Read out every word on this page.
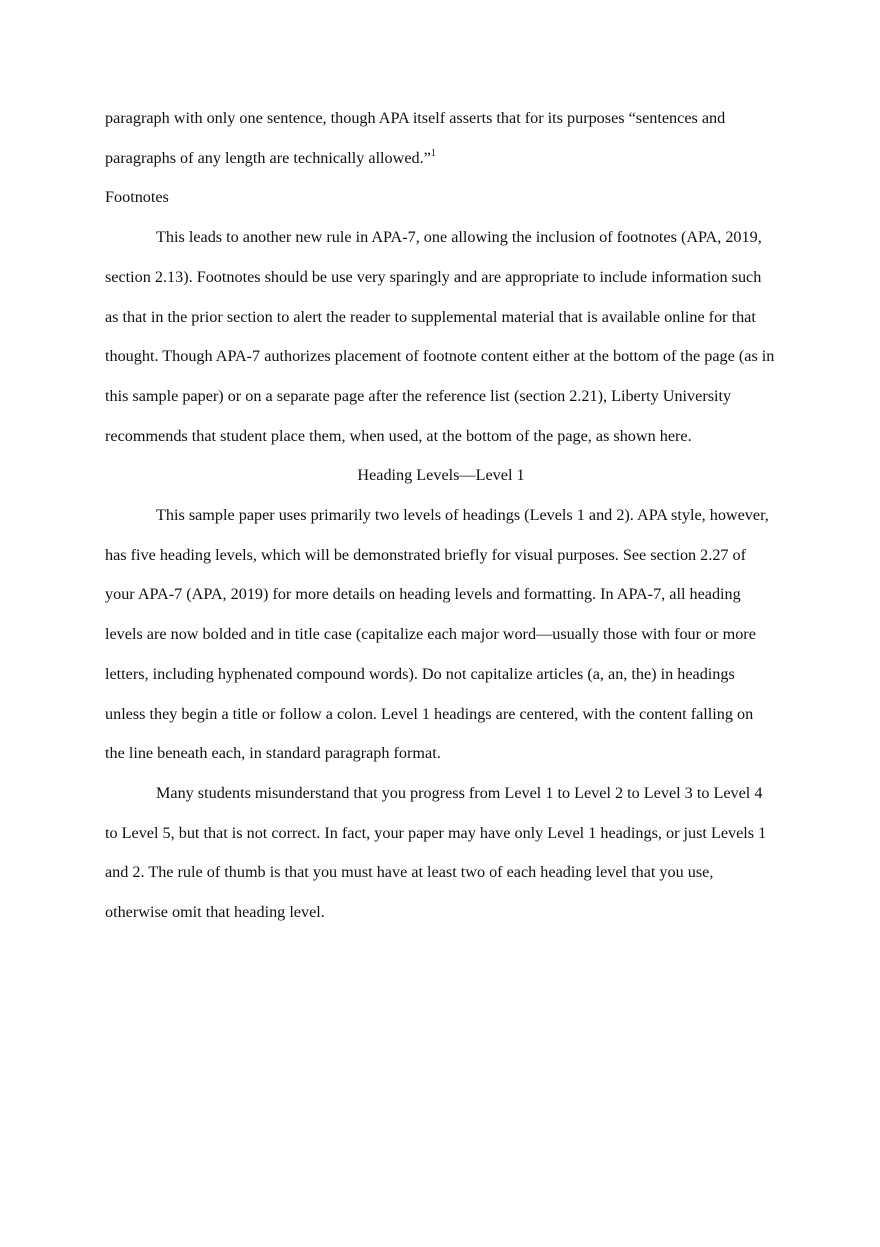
paragraph with only one sentence, though APA itself asserts that for its purposes “sentences and paragraphs of any length are technically allowed.”$^1$

Footnotes

This leads to another new rule in APA-7, one allowing the inclusion of footnotes (APA, 2019, section 2.13). Footnotes should be use very sparingly and are appropriate to include information such as that in the prior section to alert the reader to supplemental material that is available online for that thought. Though APA-7 authorizes placement of footnote content either at the bottom of the page (as in this sample paper) or on a separate page after the reference list (section 2.21), Liberty University recommends that student place them, when used, at the bottom of the page, as shown here.

Heading Levels—Level 1

This sample paper uses primarily two levels of headings (Levels 1 and 2). APA style, however, has five heading levels, which will be demonstrated briefly for visual purposes. See section 2.27 of your APA-7 (APA, 2019) for more details on heading levels and formatting. In APA-7, all heading levels are now bolded and in title case (capitalize each major word—usually those with four or more letters, including hyphenated compound words). Do not capitalize articles (a, an, the) in headings unless they begin a title or follow a colon. Level 1 headings are centered, with the content falling on the line beneath each, in standard paragraph format.

Many students misunderstand that you progress from Level 1 to Level 2 to Level 3 to Level 4 to Level 5, but that is not correct. In fact, your paper may have only Level 1 headings, or just Levels 1 and 2. The rule of thumb is that you must have at least two of each heading level that you use, otherwise omit that heading level.
